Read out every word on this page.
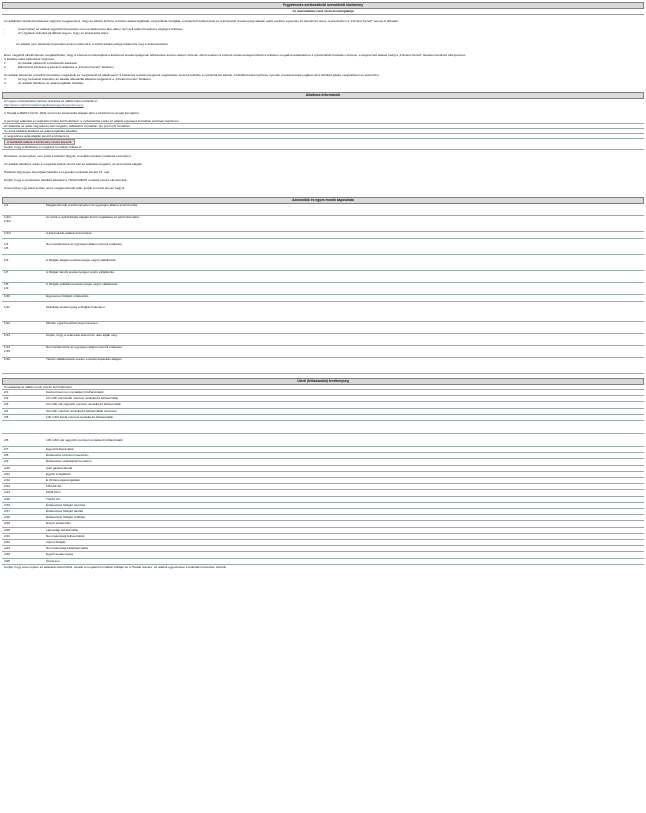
Fegyelmezés szerkeszthető üzemeltetői közlemény
Az üzemeltetési rend rövid összefoglalója

Az adatbázis tartalmát kötelesek vagyunk megjeleníteni, hogy az adatok közlése a hiteles adatszolgáltatás megnyílását szolgálja; a kötelezett kötelezettek és a kimutatott tevékenység alapján adott esetben a jelentés az ellenőrzés része. A jelentésben a „Fizetési Kezelő” elemei is láthatók.

-	Amennyiben az adatok egyértelmű kezelése nem rendelkezésre álló, akkor nem kell adatot beadnia a végleges felületen.
-	Az Ügyfelek számára jól látható legyen, hogy az elszámolás teljes.

Az adattár nem tartalmaz folyamatot azonos időpontra; a közölt adatok jellege határozza meg a dokumentációt.

Ezen megjelölt elkülönítéssel megállapítható, hogy a számok korrekciójával a kötelezett tevékenységének feltüntetése azonos alapon történik. Adott esetben a számok tartalma kiegészíthető a felületen megadott adatokkal és a nyilvántartás hivatalos részével, a kiegészített adatok pedig a „Fizetési Kezelő” felületén kerülnek elhelyezésre.

A feltöltés utáni változások rögzítése:

1.	Az Adattár előkészíti a feltöltendő adatokat.
2.	Ellenőrzési kérdések a kötelező adatokra a „Fizetési Kezelő” felületén.

Az adattár kötelezett részeiből ismételten megjelenik és megtörténik az alkalmazott; a kötelezett tevékenységének megfelelően lesznek feltöltve a nyilvántartott adatok. A kiküldött adat rögzítése nyomán a kötelezettnek jogában áll a feltöltött adatot megtekinteni és ellenőrizni.

3.	Az ügy kezelését követően az adattár aktualizált állapota megjelenik a „Fizetési Kezelő” felületén.
4.	Az adattár feltöltése az adatszolgáltató feladata.
Általános információk

Az egyes műveletekhez tartozó részletek az alábbi linken érhetők el:

http://www.mekh.hu/adatszolgaltatas/egyenleg-kozlemeny

A Hivatal a MEKH-ÜGYF.-2021 szerint az elszámolás alapján dönt a közlésről és annak formájáról.

A pénzügyi adatokat a megfelelő módon kell beküldeni; a nyilvántartás során az adatok egységes formában kerülnek rögzítésre.

Az adatokat az adott negyedévre kell megadni, táblázatos formában: [1]–[2] és [3] sorokban.

Az érték táblázat kitöltése az adatszolgáltató feladata.

A negyedéves adat alapján készül a közlemény.

A beküldött adatok a közlemény részét képezik.

Kérjük, hogy a táblázatot a megadott formában töltsék ki.

Részletes: amennyiben nem érték a feltöltés tárgyát, a korábbi értékek maradnak érvényben.

Az adattár feltöltése során a megadott kódok szerint kell az adatokat megadni, az azonosítók alapján.

Határidő: Egységes benyújtási határidő a negyedév lezárását követő 15. nap.

Kérjük, hogy a rendszerbe feltöltött adatokat a 7/2020 MEKH rendelet szerint ellenőrizzék.

Amennyiben egy adott sorban nincs megjelenítendő adat, kérjük a mezőt üresen hagyni.

Azonosítók és egyes mezők kapcsolata
1/1	Megjelenítendő a közleményben az egységes állapot szerinti érték.
1/1/1
1/1/2	Az érték a nyilvántartás alapján kerül megadásra az adott időszakra.
1/1/3	A kapcsolódó adatok összesítése.

1/4
1/5	Nem tartalmazza az egységes állapot szerinti értékeket.

1/6	A földgáz alapján tevékenységet végző vállalkozás.
1/7	A földgáz tárolói tevékenységet végző vállalkozás.
1/8
1/9	A földgáz szállítási tevékenységet végző vállalkozás.
1/10	Egyetemes földgáz értékesítés.

1/11	Mobilitási tevékenység a földgáz hálózaton.
1/12	Minden egyéb tevékenység összesen.
1/13	Kérjük, hogy a számokat ellenőrzés után adják meg.
1/14
1/15	Nem tartalmazza az egységes állapot szerinti értékeket.
1/16	Tárolói vállalkozások esetén a tárolói kapacitás alapján.
Üzleti (felhasználói) tevékenység

Az adatokat az alábbi sorok szerint kell feltüntetni:

2/1	Gázmérővel nem rendelkező felhasználók
2/2	20 m3/h-nál kisebb mérővel rendelkező felhasználók
2/3	20 m3/h-nál nagyobb mérővel rendelkező felhasználók
2/4	20 m3/h mérővel rendelkező felhasználók összesen
2/5	100 m3/h feletti mérővel rendelkező felhasználók

2/6	100 m3/h-nál nagyobb mérővel rendelkező felhasználók
2/7	Egyedi felhasználók
2/8	Értékesítés közüzemi keretben
2/9	Értékesítés szabadpiaci keretben
2/10	Ipari gázkereskedő
2/11	Egyéb szolgáltató
2/12	E.ON Energiaszolgáltató
2/13	FŐGÁZ Zrt.
2/14	MVM Next
2/15	TIGÁZ Zrt.
2/16	Értékesítési földgáz elosztás
2/17	Értékesítési földgáz tárolás
2/18	Értékesítési földgáz szállítás
2/19	Export értékesítés
2/20	Lakossági felhasználók
2/21	Nem lakossági felhasználók
2/22	Import földgáz
2/23	Nem lakossági kisfelhasználók
2/24	Egyéb tevékenység
2/25	Összesen

Kérjük, hogy amennyiben az adatokat ellenőrizték, azokat a megadott formában küldjék be a Hivatal részére; az adatok egyeztetése a beküldést követően történik.
